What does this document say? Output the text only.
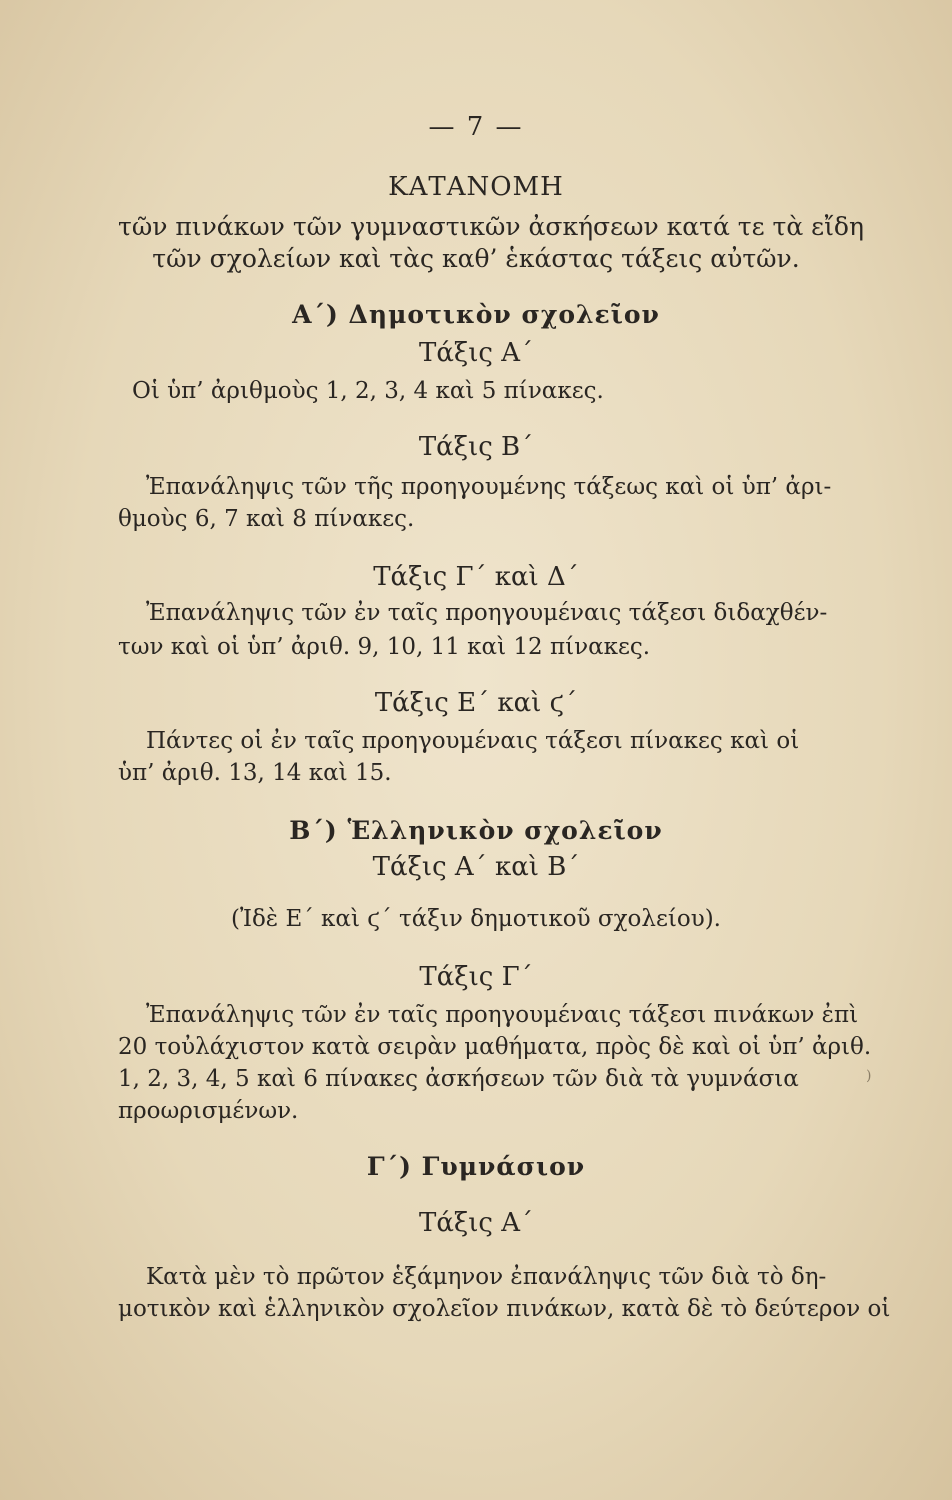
— 7 —
ΚΑΤΑΝΟΜΗ
τῶν πινάκων τῶν γυμναστικῶν ἀσκήσεων κατά τε τὰ εἴδη
τῶν σχολείων καὶ τὰς καθ’ ἑκάστας τάξεις αὐτῶν.
Α΄) Δημοτικὸν σχολεῖον
Τάξις Α΄
Οἱ ὑπ’ ἀριθμοὺς 1, 2, 3, 4 καὶ 5 πίνακες.
Τάξις Β΄
Ἐπανάληψις τῶν τῆς προηγουμένης τάξεως καὶ οἱ ὑπ’ ἀρι-
θμοὺς 6, 7 καὶ 8 πίνακες.
Τάξις Γ΄ καὶ Δ΄
Ἐπανάληψις τῶν ἐν ταῖς προηγουμέναις τάξεσι διδαχθέν-
των καὶ οἱ ὑπ’ ἀριθ. 9, 10, 11 καὶ 12 πίνακες.
Τάξις Ε΄ καὶ ϛ΄
Πάντες οἱ ἐν ταῖς προηγουμέναις τάξεσι πίνακες καὶ οἱ
ὑπ’ ἀριθ. 13, 14 καὶ 15.
Β΄) Ἑλληνικὸν σχολεῖον
Τάξις Α΄ καὶ Β΄
(Ἰδὲ Ε΄ καὶ ϛ΄ τάξιν δημοτικοῦ σχολείου).
Τάξις Γ΄
Ἐπανάληψις τῶν ἐν ταῖς προηγουμέναις τάξεσι πινάκων ἐπὶ
20 τοὐλάχιστον κατὰ σειρὰν μαθήματα, πρὸς δὲ καὶ οἱ ὑπ’ ἀριθ.
1, 2, 3, 4, 5 καὶ 6 πίνακες ἀσκήσεων τῶν διὰ τὰ γυμνάσια
προωρισμένων.
)
Γ΄) Γυμνάσιον
Τάξις Α΄
Κατὰ μὲν τὸ πρῶτον ἑξάμηνον ἐπανάληψις τῶν διὰ τὸ δη-
μοτικὸν καὶ ἑλληνικὸν σχολεῖον πινάκων, κατὰ δὲ τὸ δεύτερον οἱ
